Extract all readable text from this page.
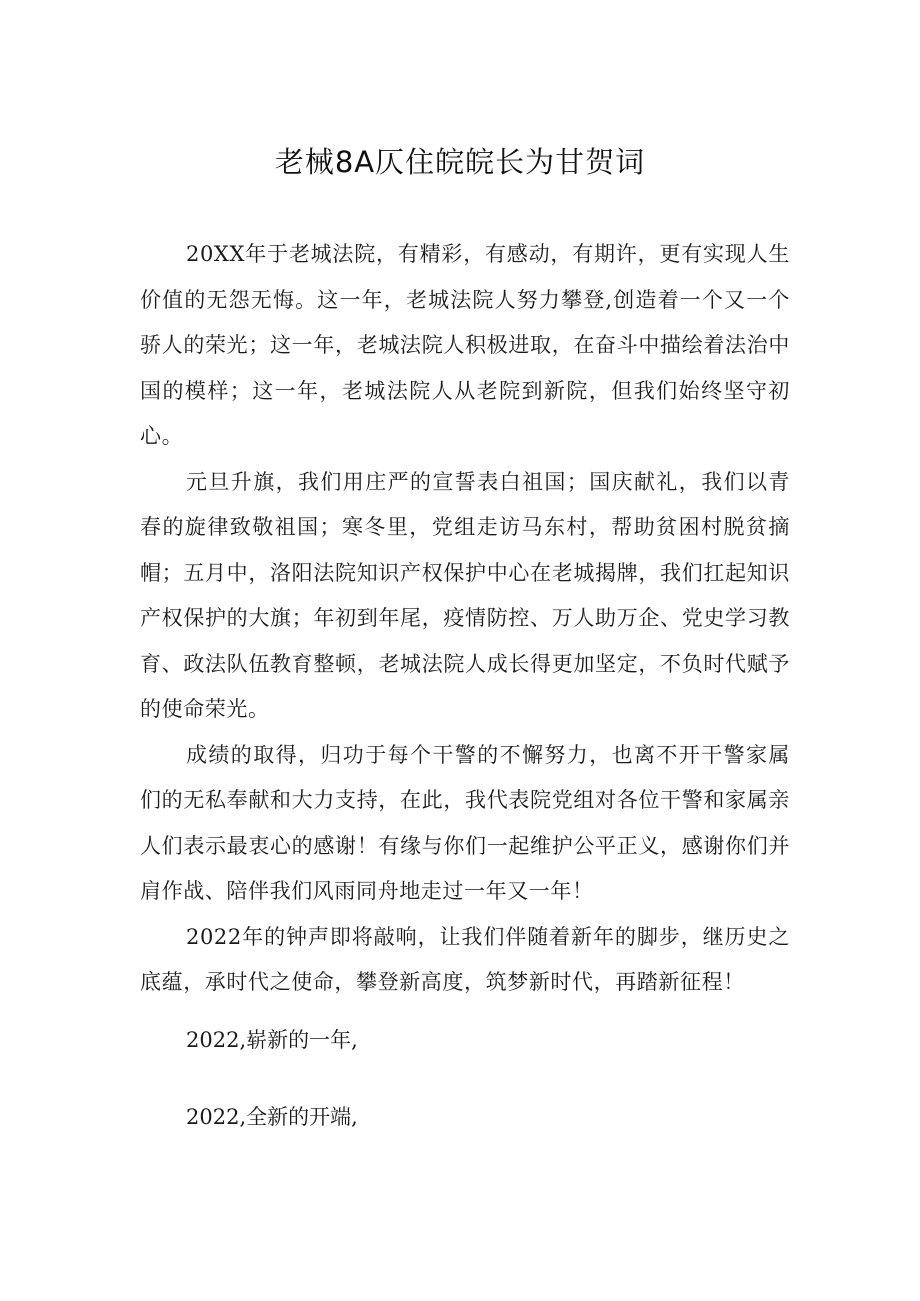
老械8A仄住皖皖长为甘贺词

20XX年于老城法院，有精彩，有感动，有期许，更有实现人生价值的无怨无悔。这一年，老城法院人努力攀登,创造着一个又一个骄人的荣光；这一年，老城法院人积极进取，在奋斗中描绘着法治中国的模样；这一年，老城法院人从老院到新院，但我们始终坚守初心。

元旦升旗，我们用庄严的宣誓表白祖国；国庆献礼，我们以青春的旋律致敬祖国；寒冬里，党组走访马东村，帮助贫困村脱贫摘帽；五月中，洛阳法院知识产权保护中心在老城揭牌，我们扛起知识产权保护的大旗；年初到年尾，疫情防控、万人助万企、党史学习教育、政法队伍教育整顿，老城法院人成长得更加坚定，不负时代赋予的使命荣光。

成绩的取得，归功于每个干警的不懈努力，也离不开干警家属们的无私奉献和大力支持，在此，我代表院党组对各位干警和家属亲人们表示最衷心的感谢！有缘与你们一起维护公平正义，感谢你们并肩作战、陪伴我们风雨同舟地走过一年又一年！

2022年的钟声即将敲响，让我们伴随着新年的脚步，继历史之底蕴，承时代之使命，攀登新高度，筑梦新时代，再踏新征程！

2022,崭新的一年,

2022,全新的开端,
